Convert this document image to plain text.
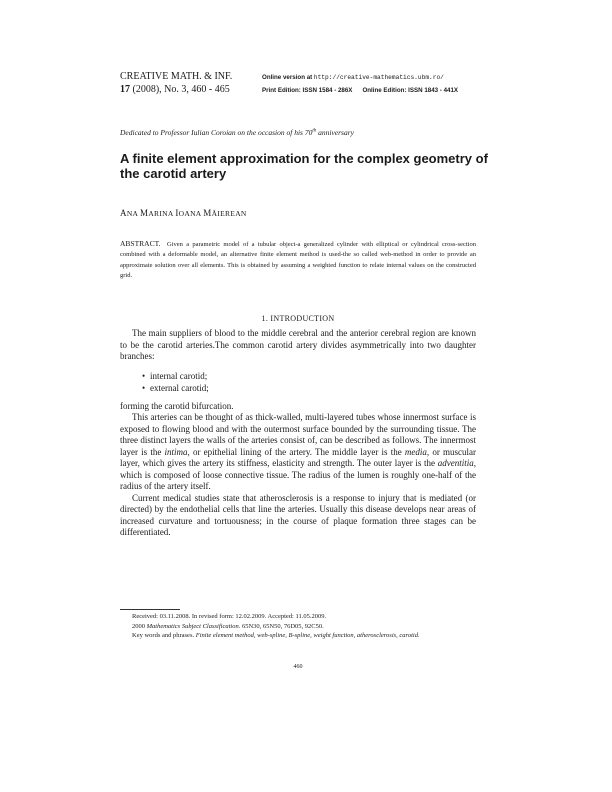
CREATIVE MATH. & INF.
17 (2008), No. 3, 460 - 465
Online version at http://creative-mathematics.ubm.ro/
Print Edition: ISSN 1584 - 286X Online Edition: ISSN 1843 - 441X
Dedicated to Professor Iulian Coroian on the occasion of his 70th anniversary
A finite element approximation for the complex geometry of the carotid artery
ANA MARINA IOANA MĂIEREAN
ABSTRACT. Given a parametric model of a tubular object-a generalized cylinder with elliptical or cylindrical cross-section combined with a deformable model, an alternative finite element method is used-the so called web-method in order to provide an approximate solution over all elements. This is obtained by assuming a weighted function to relate internal values on the constructed grid.
1. INTRODUCTION

The main suppliers of blood to the middle cerebral and the anterior cerebral region are known to be the carotid arteries.The common carotid artery divides asymmetrically into two daughter branches:

• internal carotid;
• external carotid;

forming the carotid bifurcation.

This arteries can be thought of as thick-walled, multi-layered tubes whose innermost surface is exposed to flowing blood and with the outermost surface bounded by the surrounding tissue. The three distinct layers the walls of the arteries consist of, can be described as follows. The innermost layer is the intima, or epithelial lining of the artery. The middle layer is the media, or muscular layer, which gives the artery its stiffness, elasticity and strength. The outer layer is the adventitia, which is composed of loose connective tissue. The radius of the lumen is roughly one-half of the radius of the artery itself.

Current medical studies state that atherosclerosis is a response to injury that is mediated (or directed) by the endothelial cells that line the arteries. Usually this disease develops near areas of increased curvature and tortuousness; in the course of plaque formation three stages can be differentiated.

Received: 03.11.2008. In revised form: 12.02.2009. Accepted: 11.05.2009.

2000 Mathematics Subject Classification. 65N30, 65N50, 76D05, 92C50.

Key words and phrases. Finite element method, web-spline, B-spline, weight function, atherosclerosis, carotid.

460
